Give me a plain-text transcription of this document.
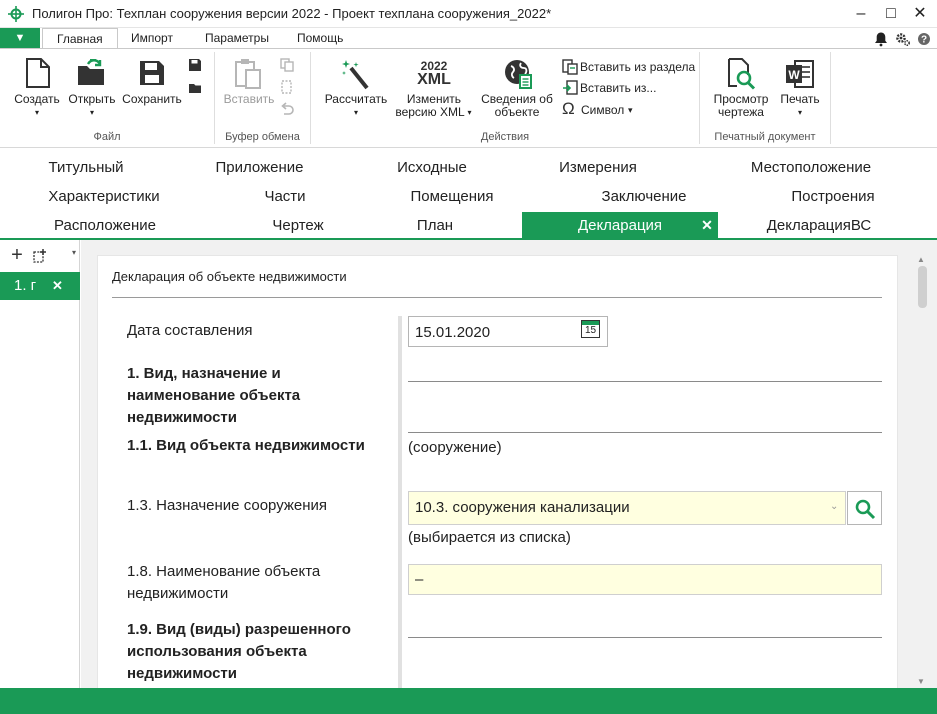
Полигон Про: Техплан сооружения версии 2022 - Проект техплана сооружения_2022*	–	□	✕
▼	Главная	Импорт	Параметры	Помощь	?
Создать
▾
Открыть
▾
Сохранить
Файл
Вставить
Буфер обмена
Рассчитать
▾
2022
XML
Изменить
версию XML ▾
Сведения об
объекте
Вставить из раздела
Вставить из...
Ω Символ ▾
Действия
Просмотр
чертежа
W
Печать
▾
Печатный документ
Титульный	Приложение	Исходные	Измерения	Местоположение
Характеристики	Части	Помещения	Заключение	Построения
Расположение	Чертеж	План	Декларация	✕	ДекларацияВС
+	▾
1. г ✕
Декларация об объекте недвижимости
Дата составления	15.01.2020	15
1. Вид, назначение и наименование объекта недвижимости
1.1. Вид объекта недвижимости	(сооружение)
1.3. Назначение сооружения	10.3. сооружения канализации	⌄
(выбирается из списка)
1.8. Наименование объекта недвижимости
–
1.9. Вид (виды) разрешенного использования объекта недвижимости
▲
▼
